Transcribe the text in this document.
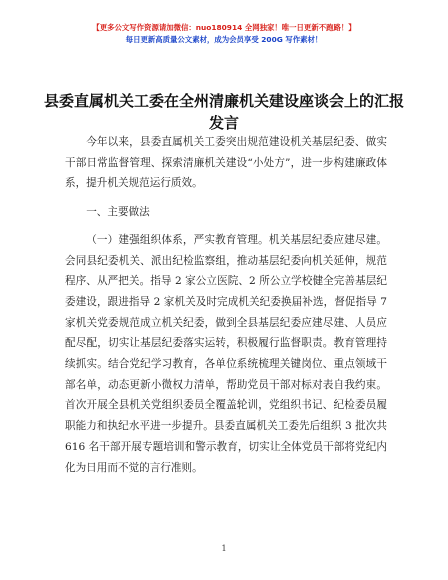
【更多公文写作资源请加微信：nuo180914 全网独家！唯一日更新不跑路！】
每日更新高质量公文素材，成为会员享受 200G 写作素材！
县委直属机关工委在全州清廉机关建设座谈会上的汇报发言

今年以来，县委直属机关工委突出规范建设机关基层纪委、做实干部日常监督管理、探索清廉机关建设“小处方”，进一步构建廉政体系，提升机关规范运行质效。

一、主要做法

（一）建强组织体系，严实教育管理。机关基层纪委应建尽建。会同县纪委机关、派出纪检监察组，推动基层纪委向机关延伸，规范程序、从严把关。指导 2 家公立医院、2 所公立学校健全完善基层纪委建设，跟进指导 2 家机关及时完成机关纪委换届补选，督促指导 7 家机关党委规范成立机关纪委，做到全县基层纪委应建尽建、人员应配尽配，切实让基层纪委落实运转，积极履行监督职责。教育管理持续抓实。结合党纪学习教育，各单位系统梳理关键岗位、重点领域干部名单，动态更新小微权力清单，帮助党员干部对标对表自我约束。首次开展全县机关党组织委员全覆盖轮训，党组织书记、纪检委员履职能力和执纪水平进一步提升。县委直属机关工委先后组织 3 批次共 616 名干部开展专题培训和警示教育，切实让全体党员干部将党纪内化为日用而不觉的言行准则。

1
